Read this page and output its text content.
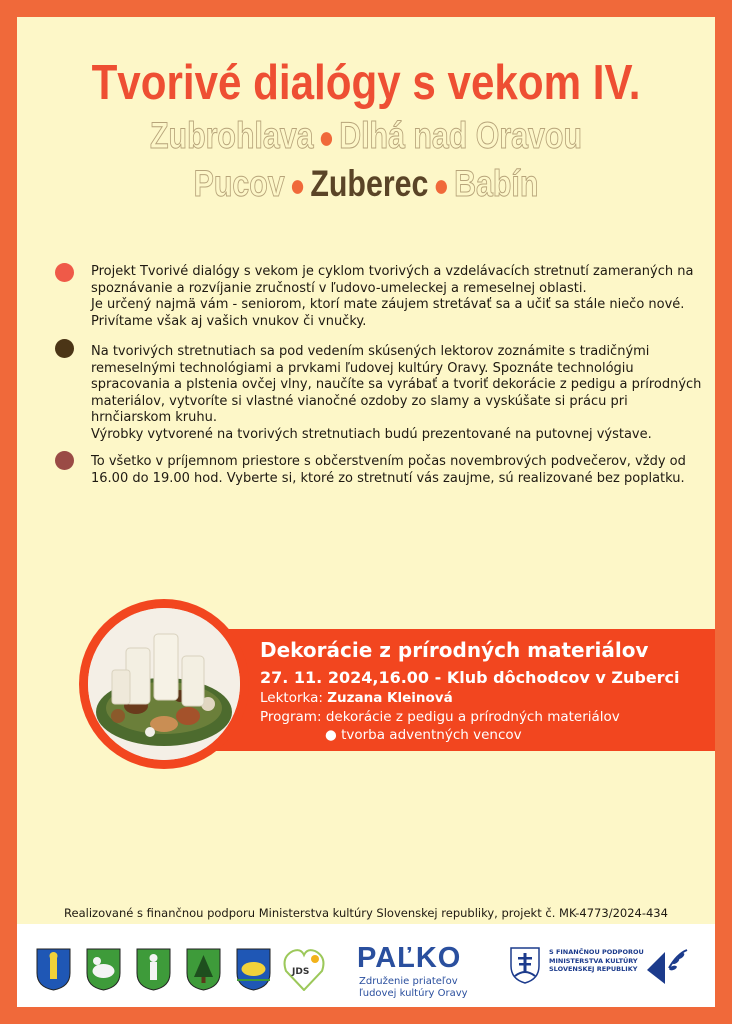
Tvorivé dialógy s vekom IV.
Zubrohlava ● Dlhá nad Oravou
Pucov ● Zuberec ● Babín
Projekt Tvorivé dialógy s vekom je cyklom tvorivých a vzdelávacích stretnutí zameraných na spoznávanie a rozvíjanie zručností v ľudovo-umeleckej a remeselnej oblasti.
Je určený najmä vám - seniorom, ktorí mate záujem stretávať sa a učiť sa stále niečo nové. Privítame však aj vašich vnukov či vnučky.
Na tvorivých stretnutiach sa pod vedením skúsených lektorov zoznámite s tradičnými remeselnými technológiami a prvkami ľudovej kultúry Oravy. Spoznáte technológiu spracovania a plstenia ovčej vlny, naučíte sa vyrábať a tvoriť dekorácie z pedigu a prírodných materiálov, vytvoríte si vlastné vianočné ozdoby zo slamy a vyskúšate si prácu pri hrnčiarskom kruhu.
Výrobky vytvorené na tvorivých stretnutiach budú prezentované na putovnej výstave.
To všetko v príjemnom priestore s občerstvením počas novembrových podvečerov, vždy od 16.00 do 19.00 hod. Vyberte si, ktoré zo stretnutí vás zaujme, sú realizované bez poplatku.
Dekorácie z prírodných materiálov
27. 11. 2024,16.00 - Klub dôchodcov v Zuberci
Lektorka: Zuzana Kleinová
Program: dekorácie z pedigu a prírodných materiálov
● tvorba adventných vencov
Realizované s finančnou podporu Ministerstva kultúry Slovenskej republiky, projekt č. MK-4773/2024-434
JDS PAĽKO
Združenie priateľov
ľudovej kultúry Oravy
S FINANČNOU PODPOROU MINISTERSTVA KULTÚRY SLOVENSKEJ REPUBLIKY
